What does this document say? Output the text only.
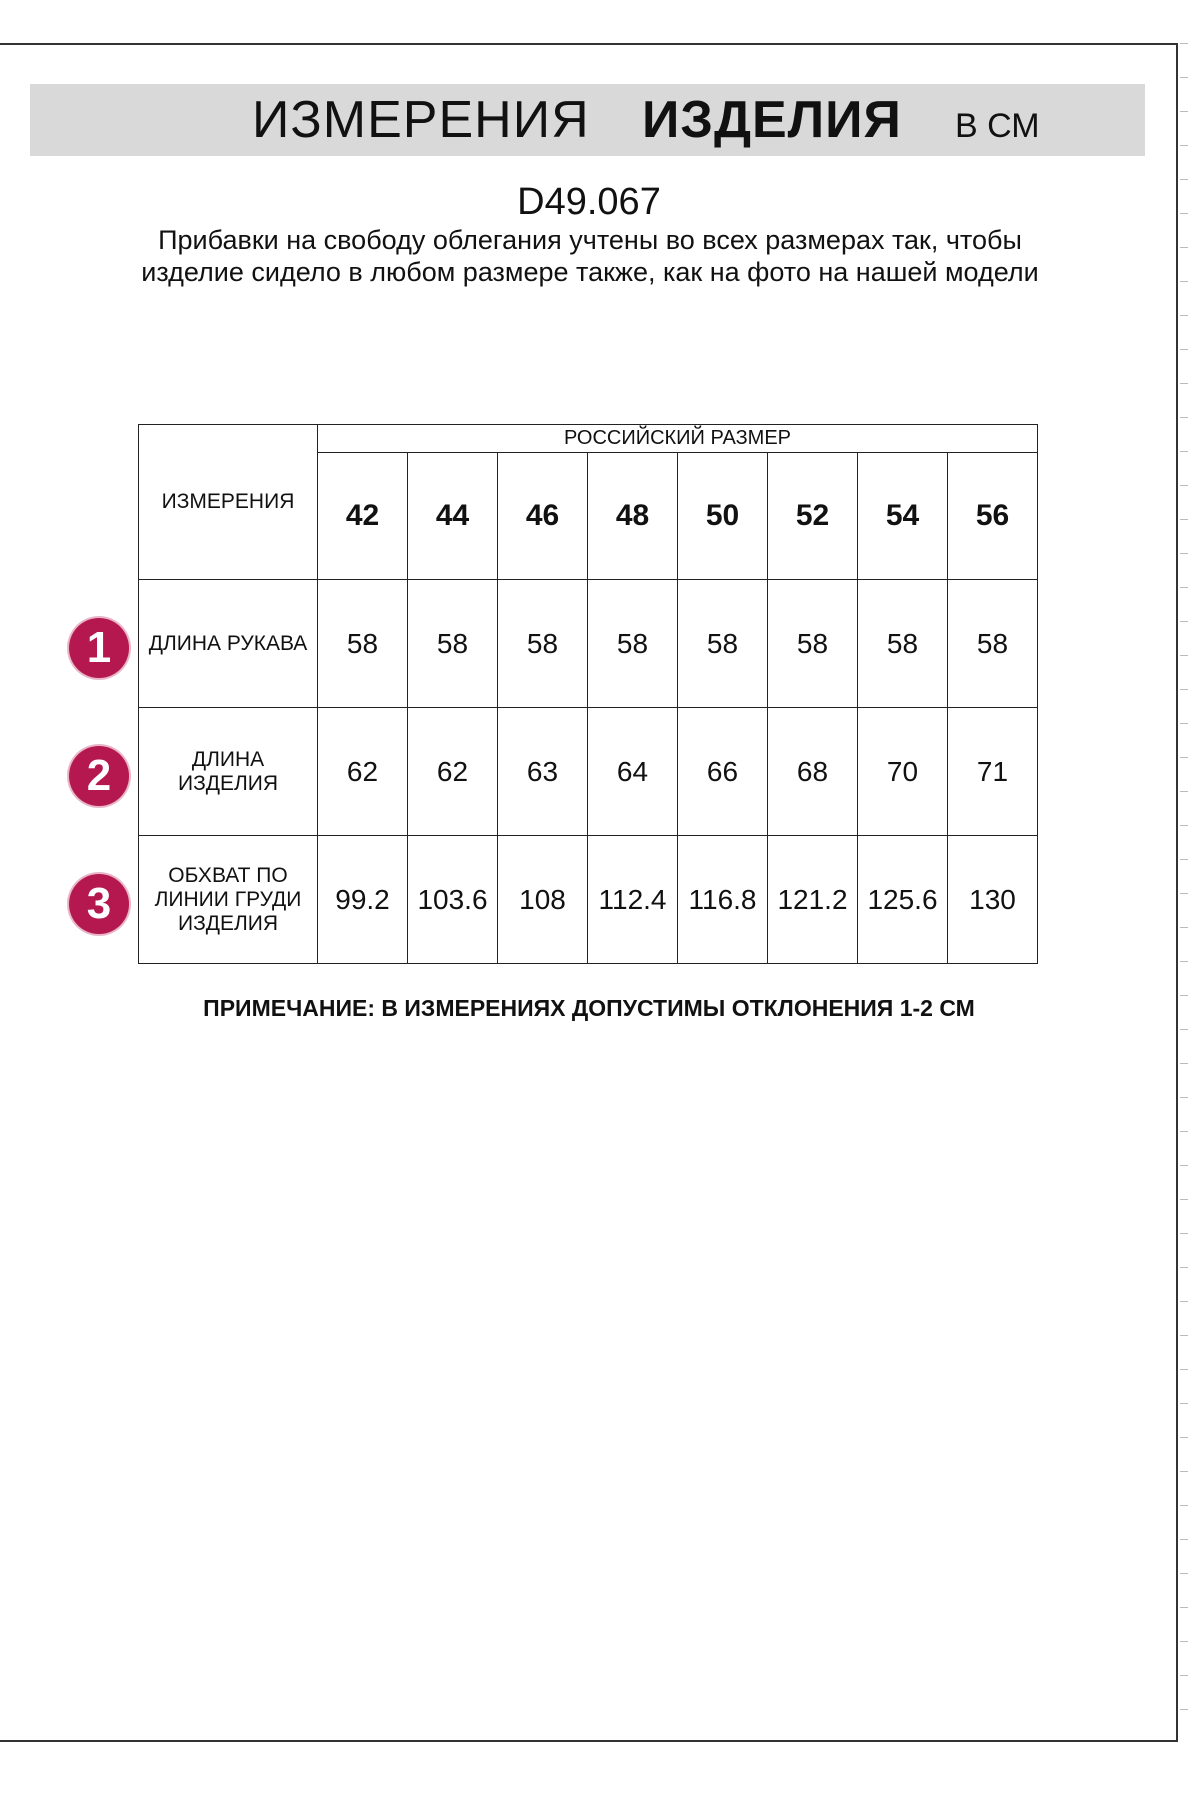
ИЗМЕРЕНИЯ ИЗДЕЛИЯ В СМ
D49.067
Прибавки на свободу облегания учтены во всех размерах так, чтобы изделие сидело в любом размере также, как на фото на нашей модели
ИЗМЕРЕНИЯ	РОССИЙСКИЙ РАЗМЕР							
	42	44	46	48	50	52	54	56
ДЛИНА РУКАВА	58	58	58	58	58	58	58	58
ДЛИНА ИЗДЕЛИЯ	62	62	63	64	66	68	70	71
ОБХВАТ ПО ЛИНИИ ГРУДИ ИЗДЕЛИЯ	99.2	103.6	108	112.4	116.8	121.2	125.6	130
1
2
3
ПРИМЕЧАНИЕ: В ИЗМЕРЕНИЯХ ДОПУСТИМЫ ОТКЛОНЕНИЯ 1-2 СМ
